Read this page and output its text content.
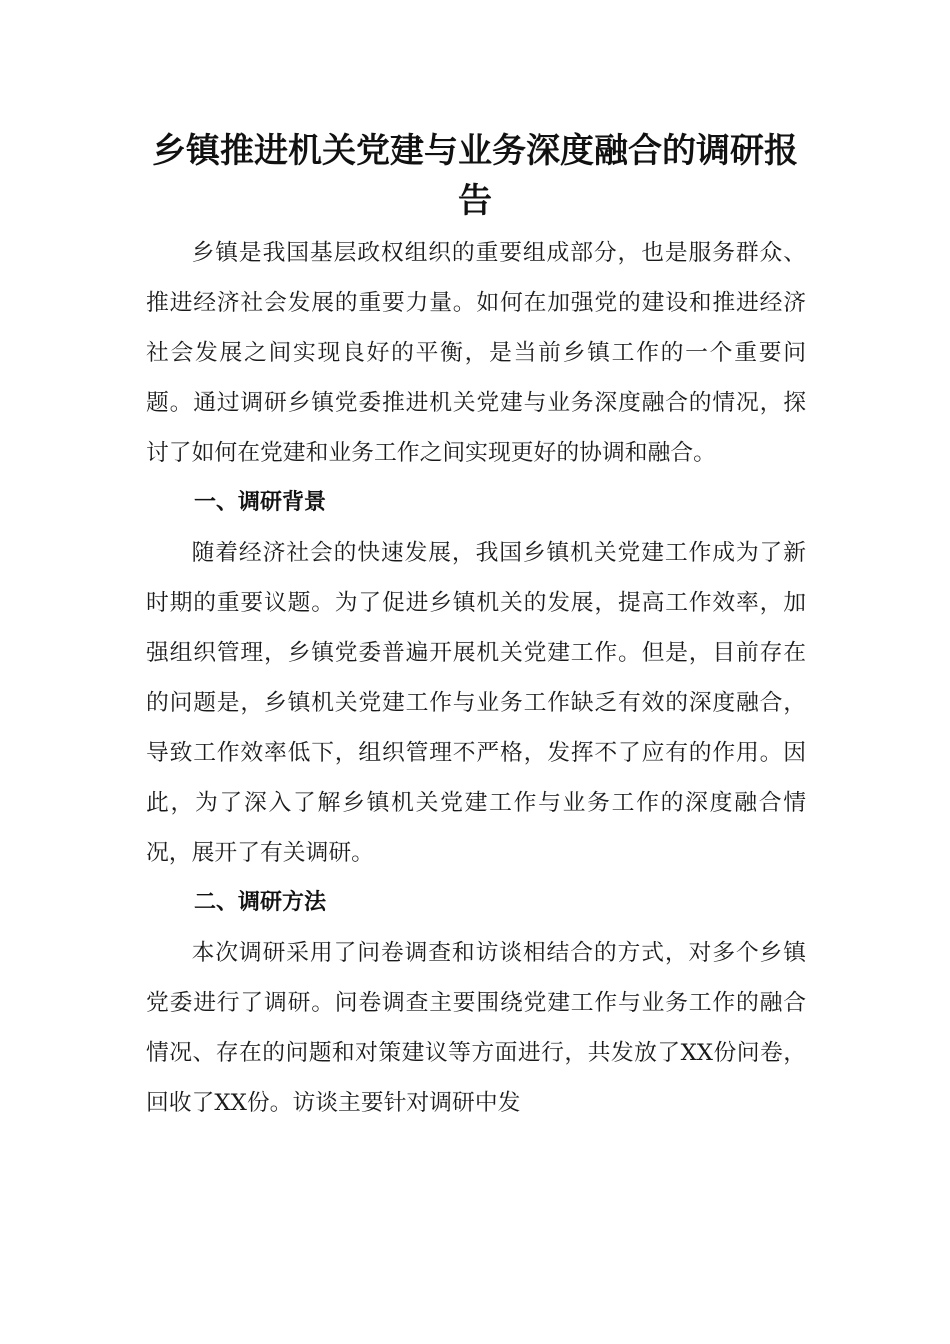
乡镇推进机关党建与业务深度融合的调研报告

乡镇是我国基层政权组织的重要组成部分，也是服务群众、推进经济社会发展的重要力量。如何在加强党的建设和推进经济社会发展之间实现良好的平衡，是当前乡镇工作的一个重要问题。通过调研乡镇党委推进机关党建与业务深度融合的情况，探讨了如何在党建和业务工作之间实现更好的协调和融合。

一、调研背景

随着经济社会的快速发展，我国乡镇机关党建工作成为了新时期的重要议题。为了促进乡镇机关的发展，提高工作效率，加强组织管理，乡镇党委普遍开展机关党建工作。但是，目前存在的问题是，乡镇机关党建工作与业务工作缺乏有效的深度融合，导致工作效率低下，组织管理不严格，发挥不了应有的作用。因此，为了深入了解乡镇机关党建工作与业务工作的深度融合情况，展开了有关调研。

二、调研方法

本次调研采用了问卷调查和访谈相结合的方式，对多个乡镇党委进行了调研。问卷调查主要围绕党建工作与业务工作的融合情况、存在的问题和对策建议等方面进行，共发放了XX份问卷，回收了XX份。访谈主要针对调研中发
